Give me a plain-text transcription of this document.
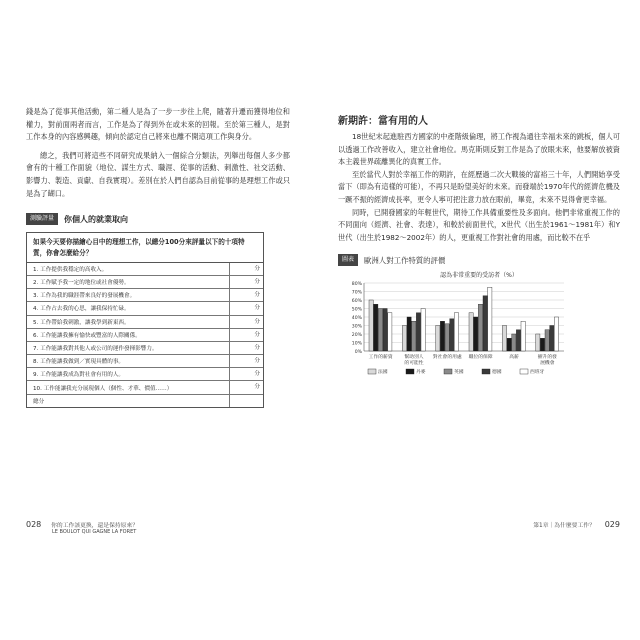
錢是為了從事其他活動，第二種人是為了一步一步往上爬，隨著升遷而獲得地位和權力，對前面兩者而言，工作是為了得到外在或未來的回報。至於第三種人，是對工作本身的內容感興趣，傾向於認定自己將來也離不開這項工作與身分。

總之，我們可將這些不同研究成果納入一個綜合分類法，列舉出每個人多少都會有的十種工作面貌（地位、謀生方式、職涯、從事的活動、刺激性、社交活動、影響力、製造、貢獻、自我實現）。差別在於人們自認為目前從事的是理想工作或只是為了餬口。

測驗評量	你個人的就業取向
如果今天要你描繪心目中的理想工作，以總分100分來評量以下的十項特質，你會怎麼給分？
1. 工作提供我穩定的高收入。	分
2. 工作賦予我一定的地位或社會優勢。	分
3. 工作為我的職涯帶來良好的發展機會。	分
4. 工作占去我的心思，讓我保持忙碌。	分
5. 工作帶給我刺激，讓我學到新東西。	分
6. 工作能讓我擁有愉快或豐富的人際關係。	分
7. 工作能讓我對其他人或公司的運作發揮影響力。	分
8. 工作能讓我做到／實現具體的事。	分
9. 工作能讓我成為對社會有用的人。	分
10. 工作能讓我充分展現個人（個性、才華、價值……）	分
總分
028 你的工作該更換，還是保持原來？
LE BOULOT QUI GAGNE LA FORET
新期許：當有用的人

18世紀末起進駐西方國家的中產階級倫理，將工作視為通往幸福未來的跳板，個人可以透過工作改善收入，建立社會地位。馬克斯則反對工作是為了放眼未來，他要解放被資本主義世界疏離異化的真實工作。

至於當代人對於幸福工作的期許，在經歷過二次大戰後的富裕三十年，人們開始享受當下（即為有這樣的可能），不再只是盼望美好的未來。而發端於1970年代的經濟危機及一蹶不振的經濟成長率，更令人寧可把注意力放在眼前，畢竟，未來不見得會更幸福。

同時，已開發國家的年輕世代，期待工作具備重要性及多面向。他們非常重視工作的不同面向（經濟、社會、表達），和較於前面世代，X世代（出生於1961～1981年）和Y世代（出生於1982～2002年）的人，更重視工作對社會的用處，而比較不在乎

圖表	歐洲人對工作特質的評價
認為非常重要的受訪者（%）
0%
10%
20%
30%
40%
50%
60%
70%
80%
工作的薪資 幫助別人
的可能性
對社會的用處 職位的保障	高薪	擢升的發
展機會
法國	丹麥	英國	德國	西班牙
第1章｜為什麼要工作？ 029
